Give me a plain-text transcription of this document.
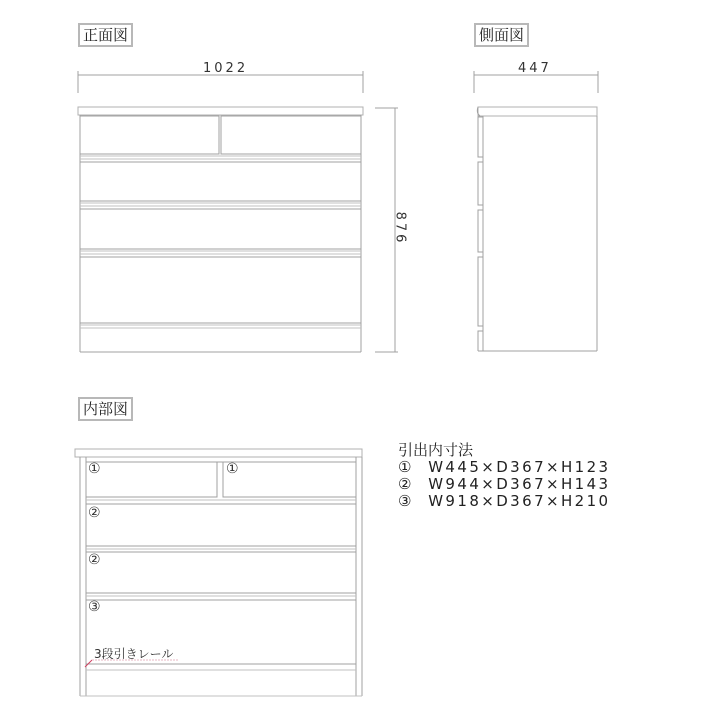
正面図	側面図
内部図
1022
876
447
①	①
②
②
③
3段引きレール
引出内寸法
① W445×D367×H123
② W944×D367×H143
③ W918×D367×H210
